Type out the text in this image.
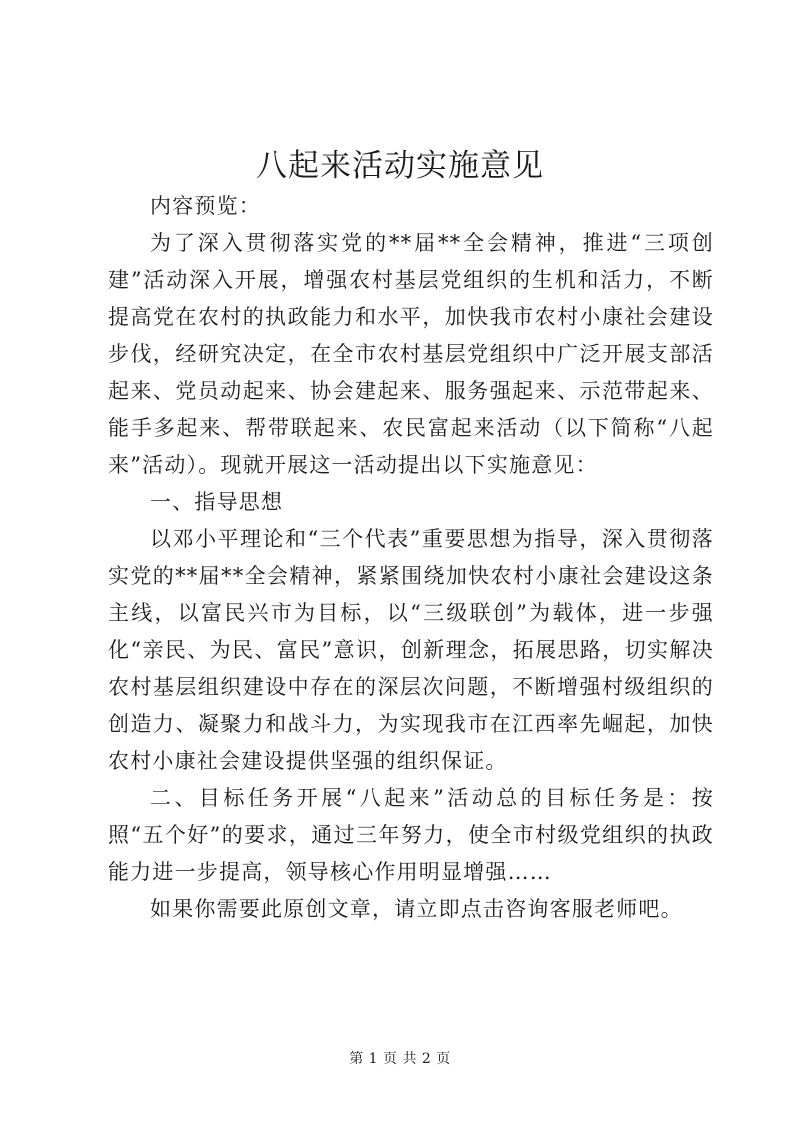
八起来活动实施意见

内容预览：

为了深入贯彻落实党的**届**全会精神，推进“三项创建”活动深入开展，增强农村基层党组织的生机和活力，不断提高党在农村的执政能力和水平，加快我市农村小康社会建设步伐，经研究决定，在全市农村基层党组织中广泛开展支部活起来、党员动起来、协会建起来、服务强起来、示范带起来、能手多起来、帮带联起来、农民富起来活动（以下简称“八起来”活动）。现就开展这一活动提出以下实施意见：

一、指导思想

以邓小平理论和“三个代表”重要思想为指导，深入贯彻落实党的**届**全会精神，紧紧围绕加快农村小康社会建设这条主线，以富民兴市为目标，以“三级联创”为载体，进一步强化“亲民、为民、富民”意识，创新理念，拓展思路，切实解决农村基层组织建设中存在的深层次问题，不断增强村级组织的创造力、凝聚力和战斗力，为实现我市在江西率先崛起，加快农村小康社会建设提供坚强的组织保证。

二、目标任务开展“八起来”活动总的目标任务是：按照“五个好”的要求，通过三年努力，使全市村级党组织的执政能力进一步提高，领导核心作用明显增强……

如果你需要此原创文章，请立即点击咨询客服老师吧。

第 1 页 共 2 页
